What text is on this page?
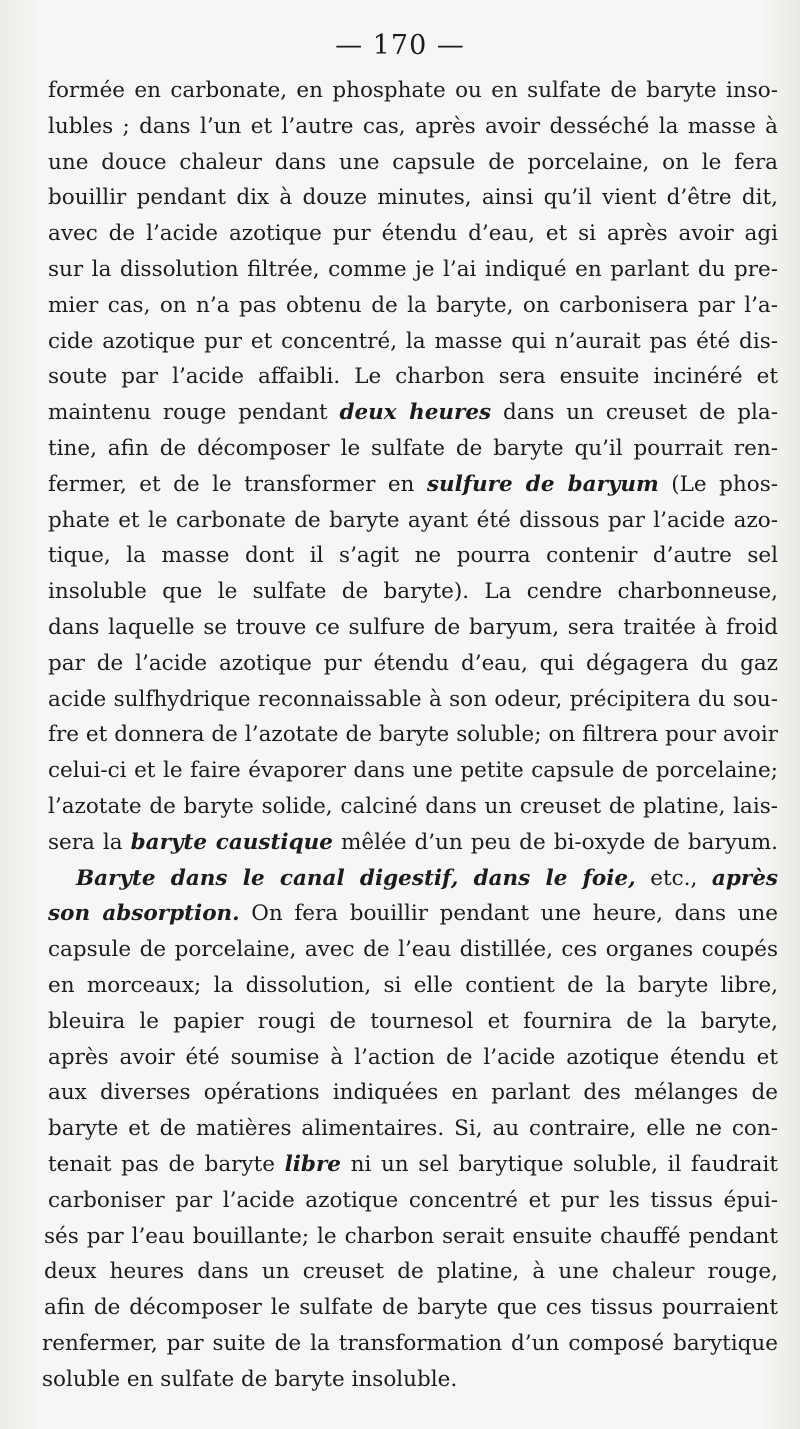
— 170 —
formée en carbonate, en phosphate ou en sulfate de baryte inso-
lubles ; dans l’un et l’autre cas, après avoir desséché la masse à
une douce chaleur dans une capsule de porcelaine, on le fera
bouillir pendant dix à douze minutes, ainsi qu’il vient d’être dit,
avec de l’acide azotique pur étendu d’eau, et si après avoir agi
sur la dissolution filtrée, comme je l’ai indiqué en parlant du pre-
mier cas, on n’a pas obtenu de la baryte, on carbonisera par l’a-
cide azotique pur et concentré, la masse qui n’aurait pas été dis-
soute par l’acide affaibli. Le charbon sera ensuite incinéré et
maintenu rouge pendant deux heures dans un creuset de pla-
tine, afin de décomposer le sulfate de baryte qu’il pourrait ren-
fermer, et de le transformer en sulfure de baryum (Le phos-
phate et le carbonate de baryte ayant été dissous par l’acide azo-
tique, la masse dont il s’agit ne pourra contenir d’autre sel
insoluble que le sulfate de baryte). La cendre charbonneuse,
dans laquelle se trouve ce sulfure de baryum, sera traitée à froid
par de l’acide azotique pur étendu d’eau, qui dégagera du gaz
acide sulfhydrique reconnaissable à son odeur, précipitera du sou-
fre et donnera de l’azotate de baryte soluble; on filtrera pour avoir
celui-ci et le faire évaporer dans une petite capsule de porcelaine;
l’azotate de baryte solide, calciné dans un creuset de platine, lais-
sera la baryte caustique mêlée d’un peu de bi-oxyde de baryum.
Baryte dans le canal digestif, dans le foie, etc., après
son absorption. On fera bouillir pendant une heure, dans une
capsule de porcelaine, avec de l’eau distillée, ces organes coupés
en morceaux; la dissolution, si elle contient de la baryte libre,
bleuira le papier rougi de tournesol et fournira de la baryte,
après avoir été soumise à l’action de l’acide azotique étendu et
aux diverses opérations indiquées en parlant des mélanges de
baryte et de matières alimentaires. Si, au contraire, elle ne con-
tenait pas de baryte libre ni un sel barytique soluble, il faudrait
carboniser par l’acide azotique concentré et pur les tissus épui-
sés par l’eau bouillante; le charbon serait ensuite chauffé pendant
deux heures dans un creuset de platine, à une chaleur rouge,
afin de décomposer le sulfate de baryte que ces tissus pourraient
renfermer, par suite de la transformation d’un composé barytique
soluble en sulfate de baryte insoluble.
